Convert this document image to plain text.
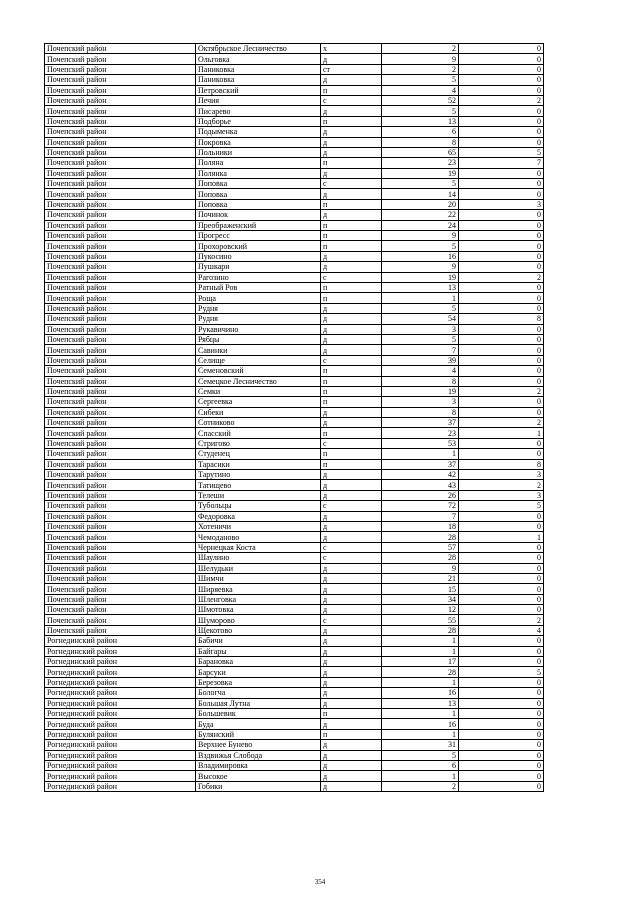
Почепский район	Октябрьское Лесничество	х	2	0
Почепский район	Ольговка	д	9	0
Почепский район	Паниковка	ст	2	0
Почепский район	Паниковка	д	5	0
Почепский район	Петровский	п	4	0
Почепский район	Печия	с	52	2
Почепский район	Писарево	д	5	0
Почепский район	Подборье	п	13	0
Почепский район	Подыменка	д	6	0
Почепский район	Покровка	д	8	0
Почепский район	Польники	д	65	5
Почепский район	Поляна	п	23	7
Почепский район	Полянка	д	19	0
Почепский район	Поповка	с	5	0
Почепский район	Поповка	д	14	0
Почепский район	Поповка	п	20	3
Почепский район	Починок	д	22	0
Почепский район	Преображенский	п	24	0
Почепский район	Прогресс	п	9	0
Почепский район	Прохоровский	п	5	0
Почепский район	Пукосино	д	16	0
Почепский район	Пушкари	д	9	0
Почепский район	Рагозино	с	19	2
Почепский район	Ратный Ров	п	13	0
Почепский район	Роща	п	1	0
Почепский район	Рудня	д	5	0
Почепский район	Рудня	д	54	8
Почепский район	Рукавичино	д	3	0
Почепский район	Рябцы	д	5	0
Почепский район	Савинки	д	7	0
Почепский район	Селище	с	39	0
Почепский район	Семеновский	п	4	0
Почепский район	Семецкое Лесничество	п	8	0
Почепский район	Семки	п	19	2
Почепский район	Сергеевка	п	3	0
Почепский район	Сибеки	д	8	0
Почепский район	Сотниково	д	37	2
Почепский район	Спасский	п	23	1
Почепский район	Стригово	с	53	0
Почепский район	Студенец	п	1	0
Почепский район	Тарасики	п	37	8
Почепский район	Тарутино	д	42	3
Почепский район	Татищево	д	43	2
Почепский район	Телеши	д	26	3
Почепский район	Тубольцы	с	72	5
Почепский район	Федоровка	д	7	0
Почепский район	Хотеничи	д	18	0
Почепский район	Чемоданово	д	28	1
Почепский район	Чернецкая Коста	с	57	0
Почепский район	Шаулино	с	28	0
Почепский район	Шелудьки	д	9	0
Почепский район	Шимчи	д	21	0
Почепский район	Ширяевка	д	15	0
Почепский район	Шленговка	д	34	0
Почепский район	Шмотовка	д	12	0
Почепский район	Шуморово	с	55	2
Почепский район	Щекотово	д	28	4
Рогнединский район	Бабичи	д	1	0
Рогнединский район	Байгары	д	1	0
Рогнединский район	Барановка	д	17	0
Рогнединский район	Барсуки	д	28	5
Рогнединский район	Березовка	д	1	0
Рогнединский район	Бологча	д	16	0
Рогнединский район	Большая Лутна	д	13	0
Рогнединский район	Большевик	п	1	0
Рогнединский район	Буда	д	16	0
Рогнединский район	Булянский	п	1	0
Рогнединский район	Верхнее Бунево	д	31	0
Рогнединский район	Вздвижья Слобода	д	5	0
Рогнединский район	Владимировка	д	6	0
Рогнединский район	Высокое	д	1	0
Рогнединский район	Гобики	д	2	0
354
